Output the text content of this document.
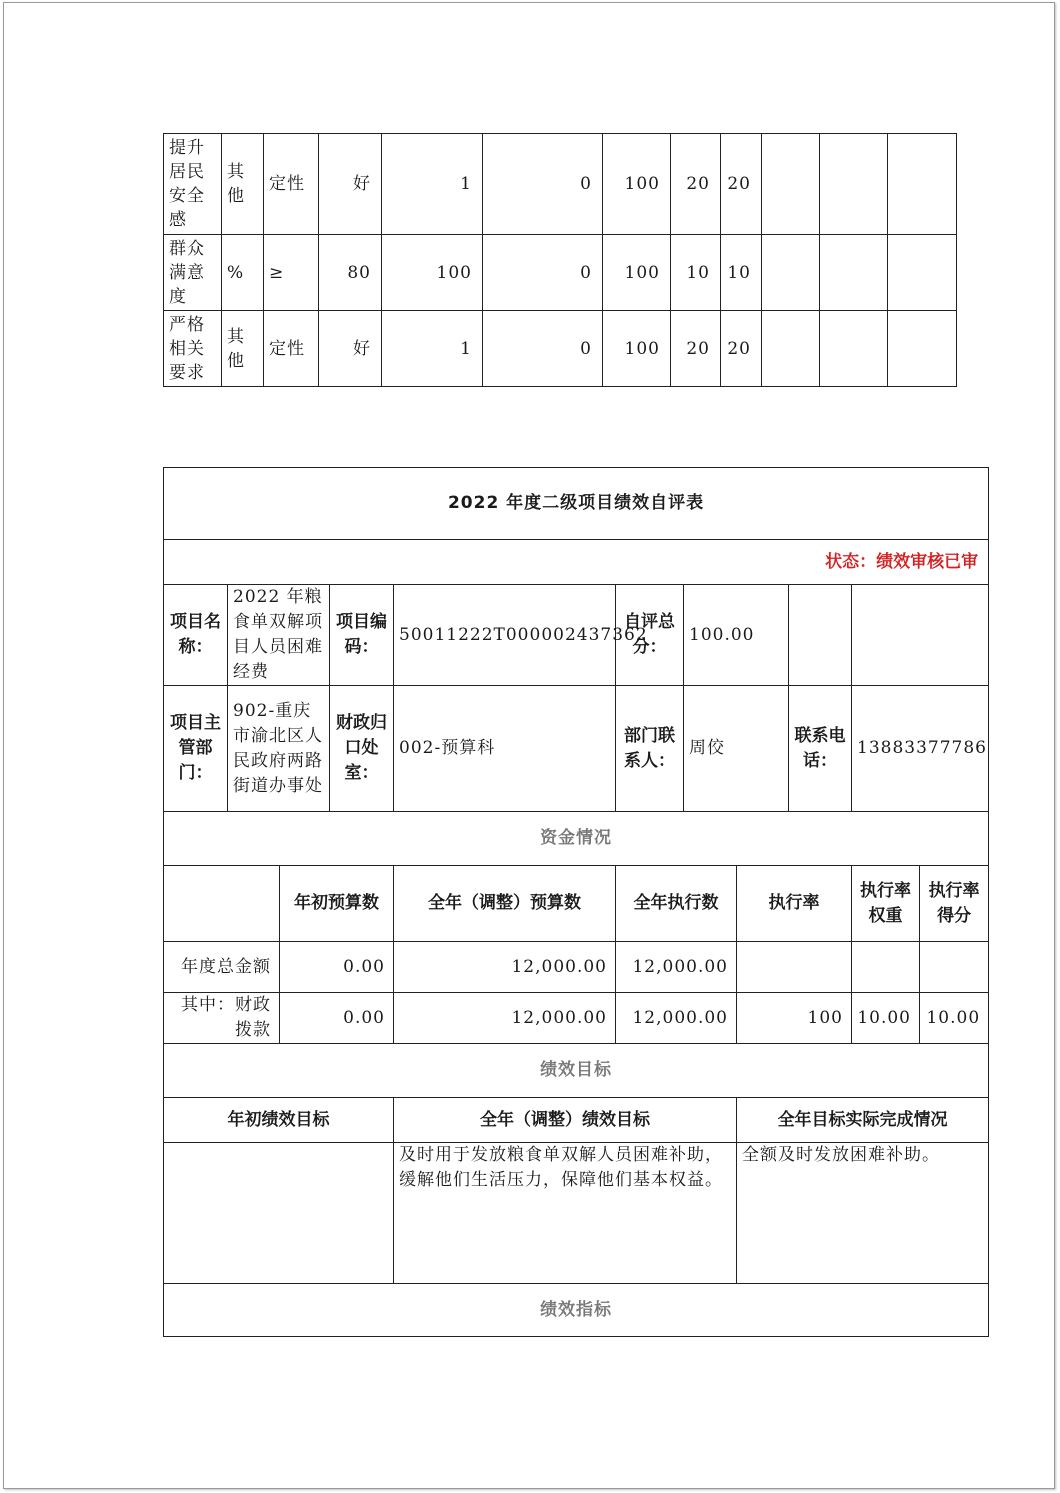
提升居民安全感	其他	定性	好	1	0	100	20	20			
群众满意度	%	≥	80	100	0	100	10	10			
严格相关要求	其他	定性	好	1	0	100	20	20			
2022 年度二级项目绩效自评表										
状态：绩效审核已审										
项目名称：	2022 年粮食单双解项目人员困难经费		项目编码：	50011222T000002437362	自评总分：	100.00				
项目主管部门：	902-重庆市渝北区人民政府两路街道办事处		财政归口处室：	002-预算科	部门联系人：	周佼		联系电话：	13883377786	
资金情况										
		年初预算数		全年（调整）预算数	全年执行数		执行率		执行率权重	执行率得分
年度总金额		0.00		12,000.00	12,000.00					
其中：财政拨款		0.00		12,000.00	12,000.00		100		10.00	10.00
绩效目标										
年初绩效目标				全年（调整）绩效目标			全年目标实际完成情况			
				及时用于发放粮食单双解人员困难补助，缓解他们生活压力，保障他们基本权益。			全额及时发放困难补助。			
绩效指标										
